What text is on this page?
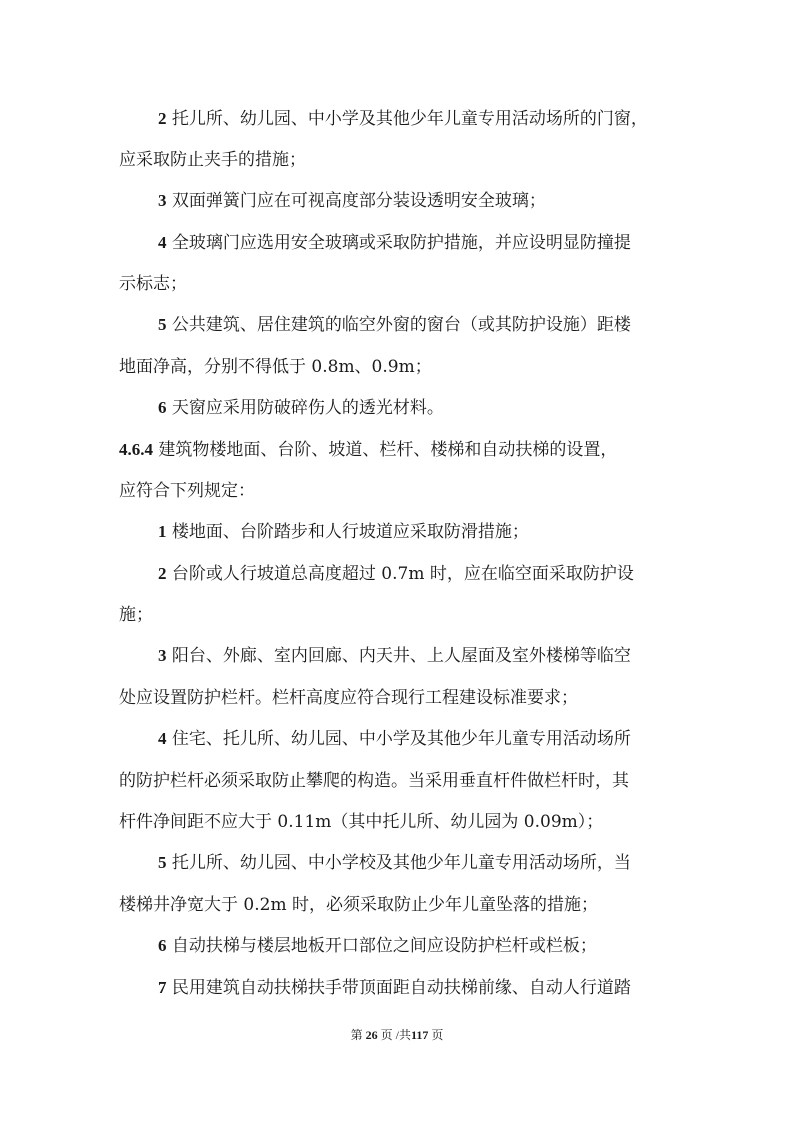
2 托儿所、幼儿园、中小学及其他少年儿童专用活动场所的门窗，
应采取防止夹手的措施；
3 双面弹簧门应在可视高度部分装设透明安全玻璃；
4 全玻璃门应选用安全玻璃或采取防护措施，并应设明显防撞提
示标志；
5 公共建筑、居住建筑的临空外窗的窗台（或其防护设施）距楼
地面净高，分别不得低于 0.8m、0.9m；
6 天窗应采用防破碎伤人的透光材料。
4.6.4 建筑物楼地面、台阶、坡道、栏杆、楼梯和自动扶梯的设置，
应符合下列规定：
1 楼地面、台阶踏步和人行坡道应采取防滑措施；
2 台阶或人行坡道总高度超过 0.7m 时，应在临空面采取防护设
施；
3 阳台、外廊、室内回廊、内天井、上人屋面及室外楼梯等临空
处应设置防护栏杆。栏杆高度应符合现行工程建设标准要求；
4 住宅、托儿所、幼儿园、中小学及其他少年儿童专用活动场所
的防护栏杆必须采取防止攀爬的构造。当采用垂直杆件做栏杆时，其
杆件净间距不应大于 0.11m（其中托儿所、幼儿园为 0.09m）；
5 托儿所、幼儿园、中小学校及其他少年儿童专用活动场所，当
楼梯井净宽大于 0.2m 时，必须采取防止少年儿童坠落的措施；
6 自动扶梯与楼层地板开口部位之间应设防护栏杆或栏板；
7 民用建筑自动扶梯扶手带顶面距自动扶梯前缘、自动人行道踏
第 26 页 /共117 页
